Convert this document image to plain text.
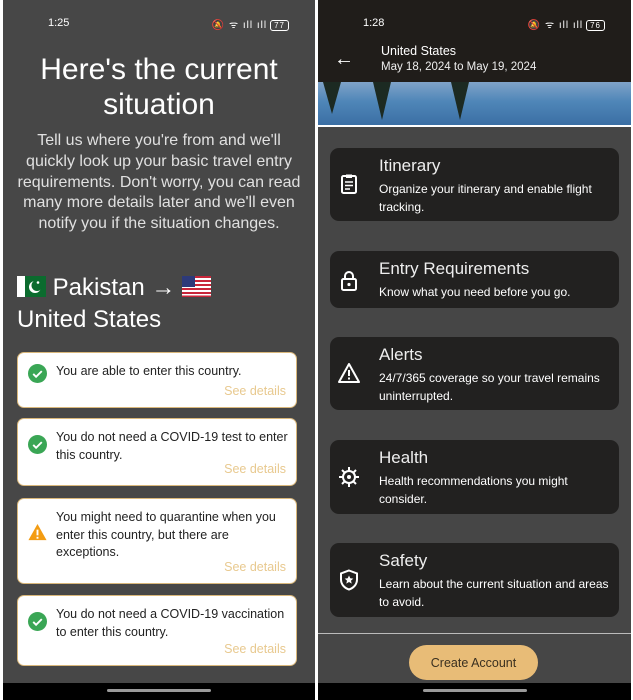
1:25	🔕 ᯤ ıll ıll 77
Here's the current situation

Tell us where you're from and we'll quickly look up your basic travel entry requirements. Don't worry, you can read many more details later and we'll even notify you if the situation changes.

Pakistan →
United States
You are able to enter this country.
See details
You do not need a COVID-19 test to enter this country.
See details
You might need to quarantine when you enter this country, but there are exceptions.
See details
You do not need a COVID-19 vaccination to enter this country.
See details
1:28	🔕 ᯤ ıll ıll 76
← United States
May 18, 2024 to May 19, 2024
Itinerary
Organize your itinerary and enable flight tracking.
Entry Requirements
Know what you need before you go.
Alerts
24/7/365 coverage so your travel remains uninterrupted.
Health
Health recommendations you might consider.
Safety
Learn about the current situation and areas to avoid.
Create Account
